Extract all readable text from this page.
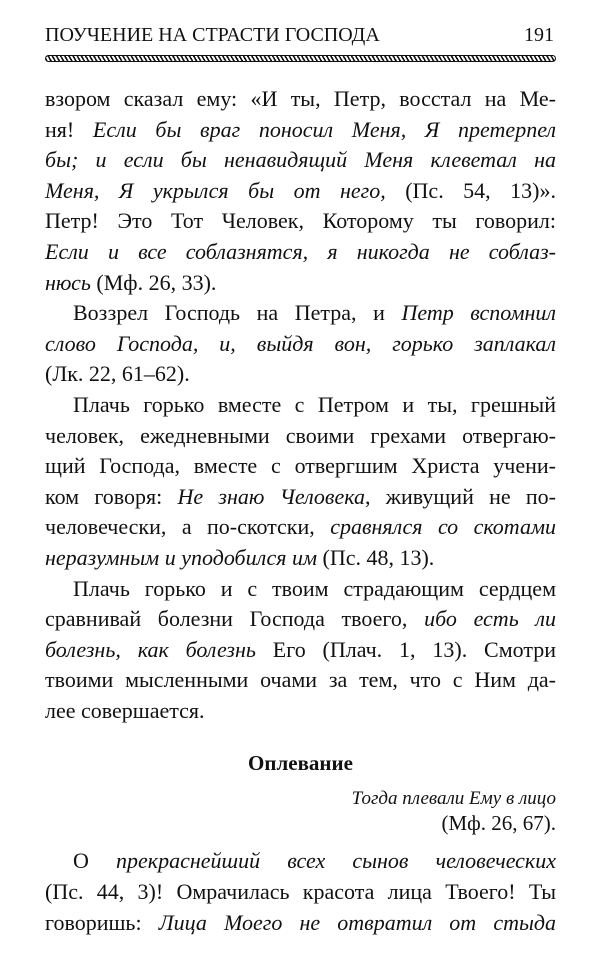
ПОУЧЕНИЕ НА СТРАСТИ ГОСПОДА	191
взором сказал ему: «И ты, Петр, восстал на Ме-
ня! Если бы враг поносил Меня, Я претерпел
бы; и если бы ненавидящий Меня клеветал на
Меня, Я укрылся бы от него, (Пс. 54, 13)».
Петр! Это Тот Человек, Которому ты говорил:
Если и все соблазнятся, я никогда не соблаз-
нюсь (Мф. 26, 33).
Воззрел Господь на Петра, и Петр вспомнил
слово Господа, и, выйдя вон, горько заплакал
(Лк. 22, 61–62).
Плачь горько вместе с Петром и ты, грешный
человек, ежедневными своими грехами отвергаю-
щий Господа, вместе с отвергшим Христа учени-
ком говоря: Не знаю Человека, живущий не по-
человечески, а по-скотски, сравнялся со скотами
неразумным и уподобился им (Пс. 48, 13).
Плачь горько и с твоим страдающим сердцем
сравнивай болезни Господа твоего, ибо есть ли
болезнь, как болезнь Его (Плач. 1, 13). Смотри
твоими мысленными очами за тем, что с Ним да-
лее совершается.
Оплевание
Тогда плевали Ему в лицо
(Мф. 26, 67).
О прекраснейший всех сынов человеческих
(Пс. 44, 3)! Омрачилась красота лица Твоего! Ты
говоришь: Лица Моего не отвратил от стыда
